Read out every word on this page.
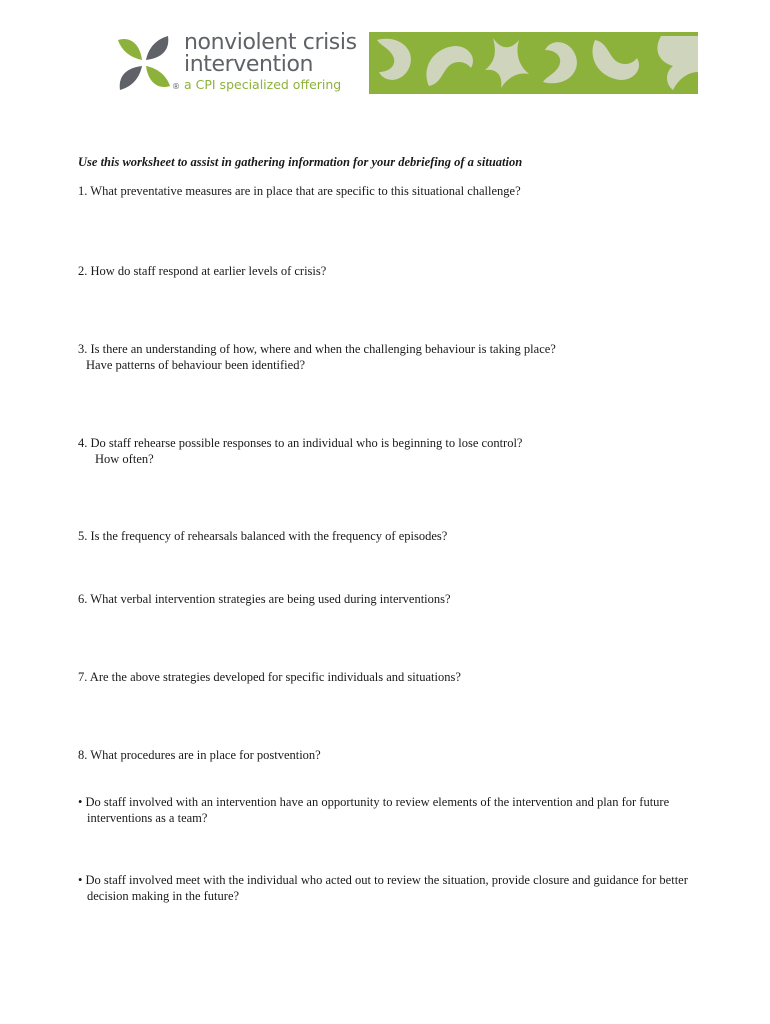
®
nonviolent crisis
intervention
a CPI specialized offering
Use this worksheet to assist in gathering information for your debriefing of a situation
1. What preventative measures are in place that are specific to this situational challenge?
2. How do staff respond at earlier levels of crisis?
3. Is there an understanding of how, where and when the challenging behaviour is taking place?
Have patterns of behaviour been identified?
4. Do staff rehearse possible responses to an individual who is beginning to lose control?
How often?
5. Is the frequency of rehearsals balanced with the frequency of episodes?
6. What verbal intervention strategies are being used during interventions?
7. Are the above strategies developed for specific individuals and situations?
8. What procedures are in place for postvention?
• Do staff involved with an intervention have an opportunity to review elements of the intervention and plan for future
interventions as a team?
• Do staff involved meet with the individual who acted out to review the situation, provide closure and guidance for better
decision making in the future?
